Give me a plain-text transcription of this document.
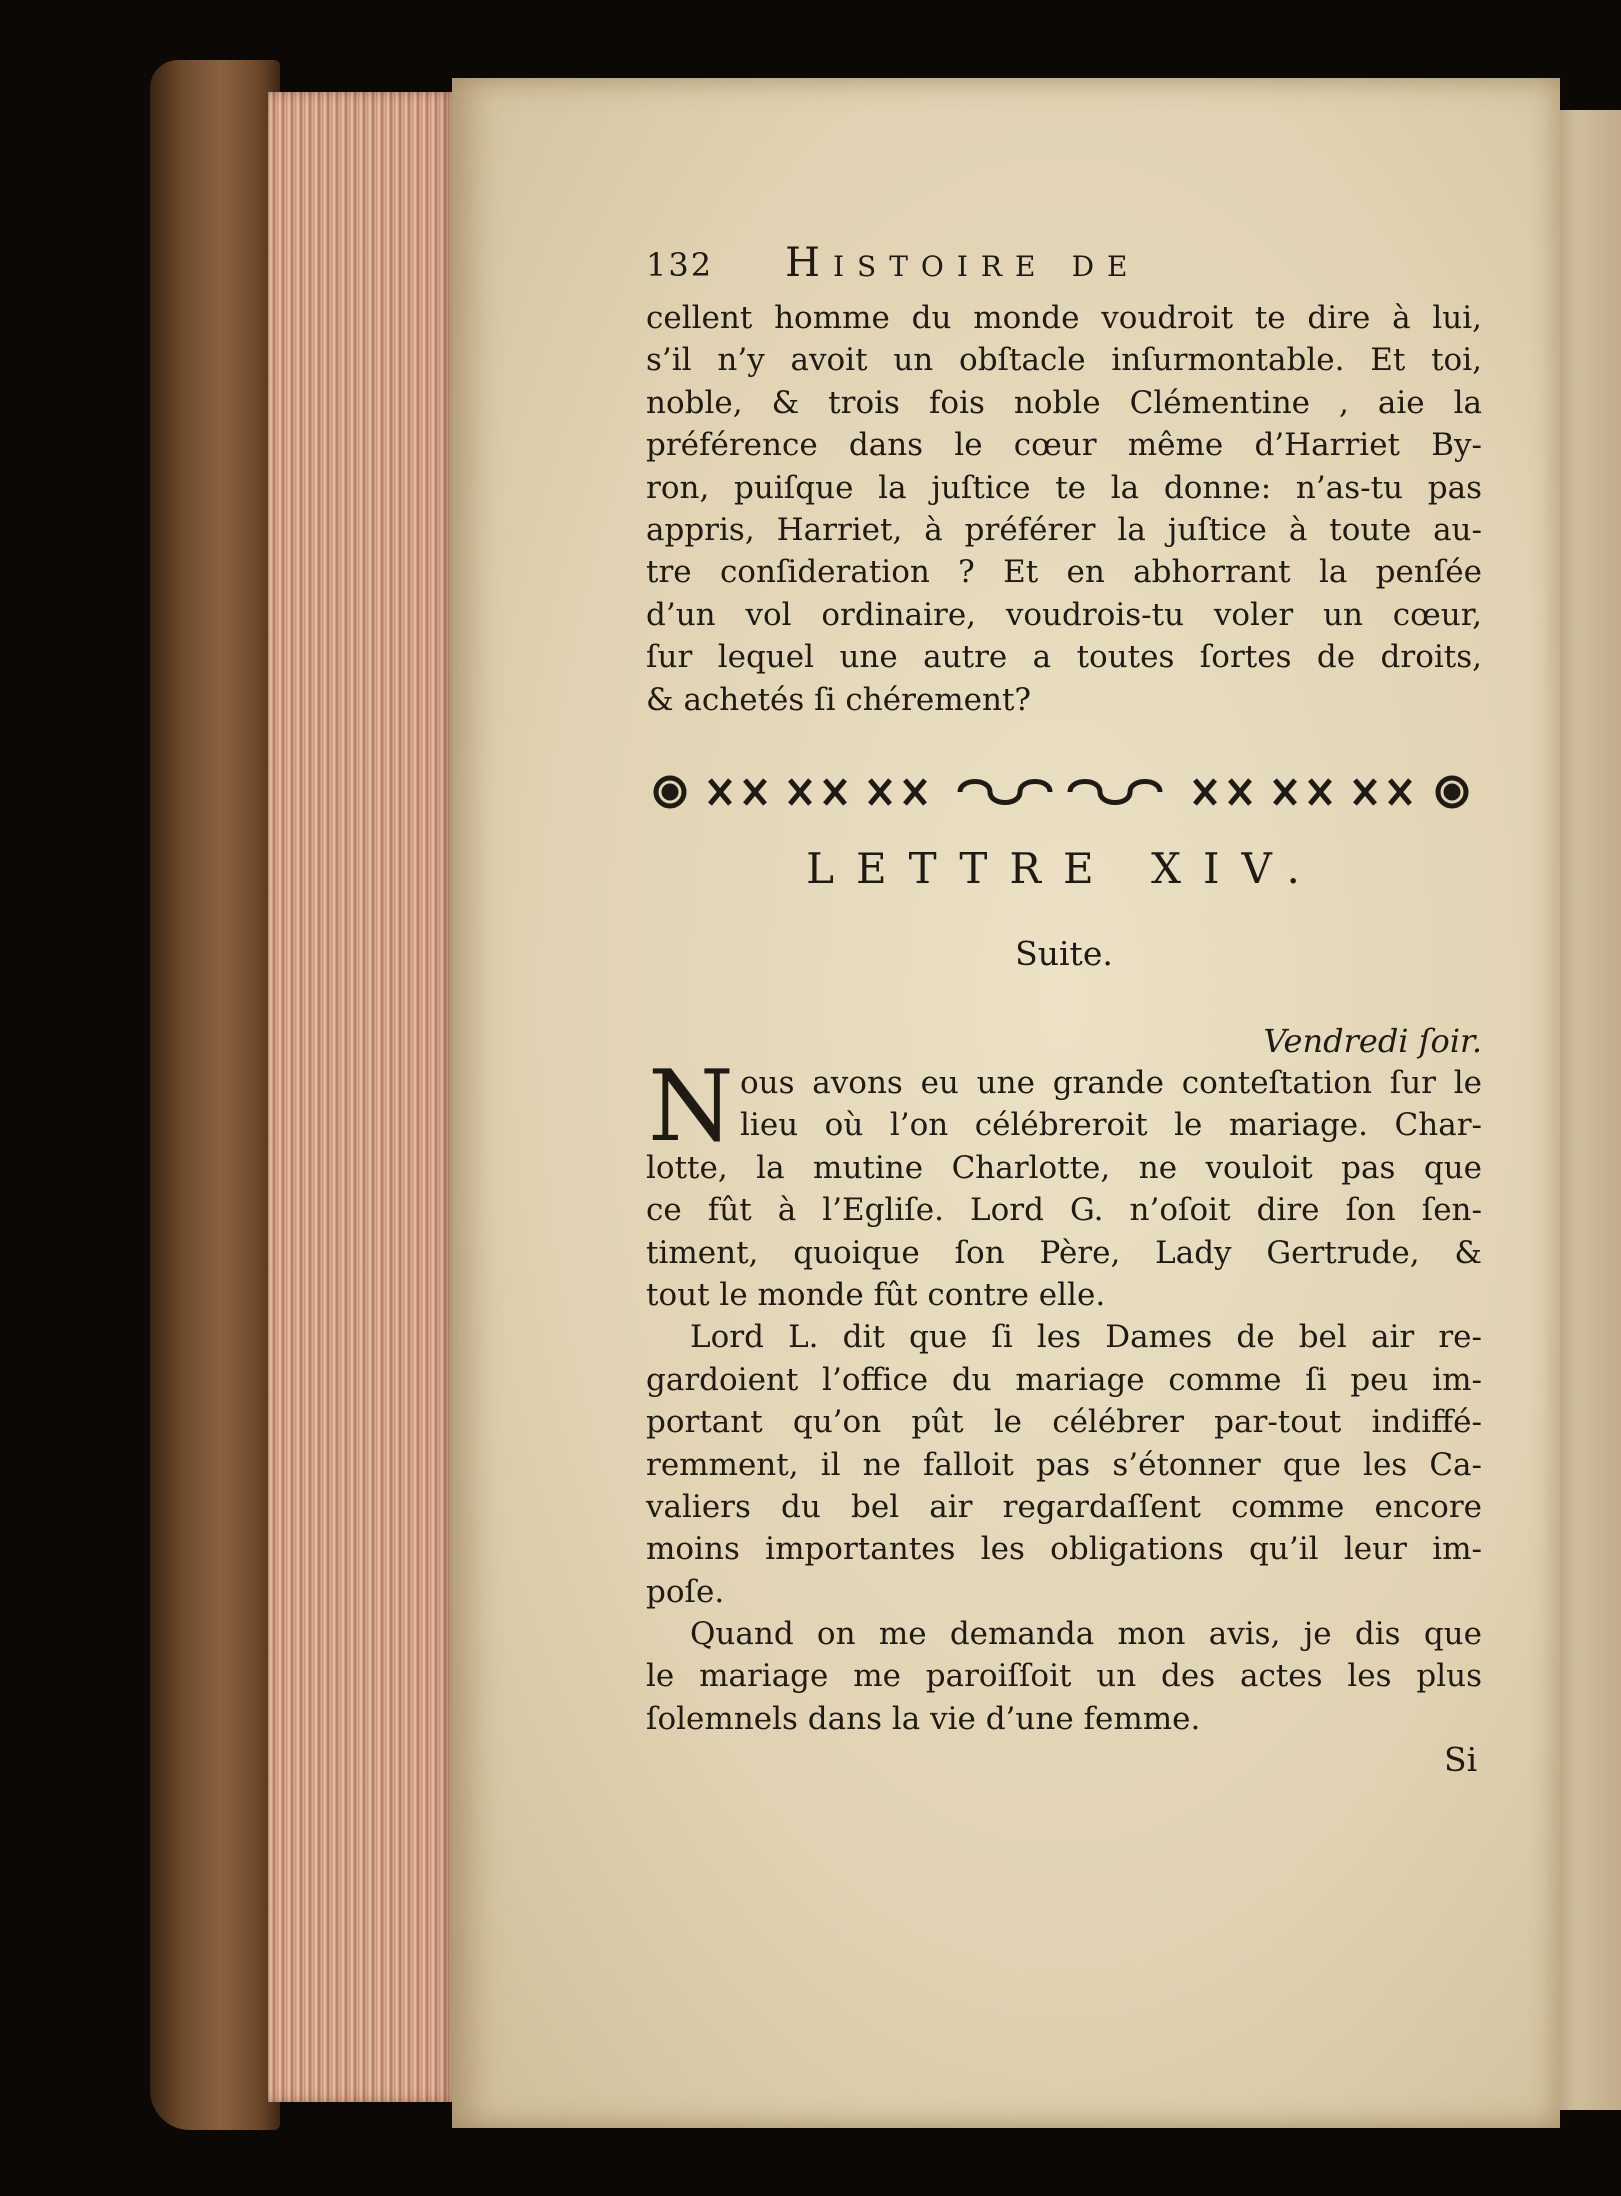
132 HISTOIRE DE
cellent homme du monde voudroit te dire à lui,
s’il n’y avoit un obſtacle inſurmontable. Et toi,
noble, & trois fois noble Clémentine , aie la
préférence dans le cœur même d’Harriet By-
ron, puiſque la juſtice te la donne: n’as-tu pas
appris, Harriet, à préférer la juſtice à toute au-
tre conſideration ? Et en abhorrant la penſée
d’un vol ordinaire, voudrois-tu voler un cœur,
ſur lequel une autre a toutes ſortes de droits,
& achetés ſi chérement?
LETTRE XIV.
Suite.
Vendredi ſoir.
N ous avons eu une grande conteſtation ſur le
lieu où l’on célébreroit le mariage. Char-
lotte, la mutine Charlotte, ne vouloit pas que
ce fût à l’Egliſe. Lord G. n’oſoit dire ſon ſen-
timent, quoique ſon Père, Lady Gertrude, &
tout le monde fût contre elle.
Lord L. dit que ſi les Dames de bel air re-
gardoient l’office du mariage comme ſi peu im-
portant qu’on pût le célébrer par-tout indiffé-
remment, il ne falloit pas s’étonner que les Ca-
valiers du bel air regardaſſent comme encore
moins importantes les obligations qu’il leur im-
poſe.
Quand on me demanda mon avis, je dis que
le mariage me paroiſſoit un des actes les plus
ſolemnels dans la vie d’une femme.
Si
